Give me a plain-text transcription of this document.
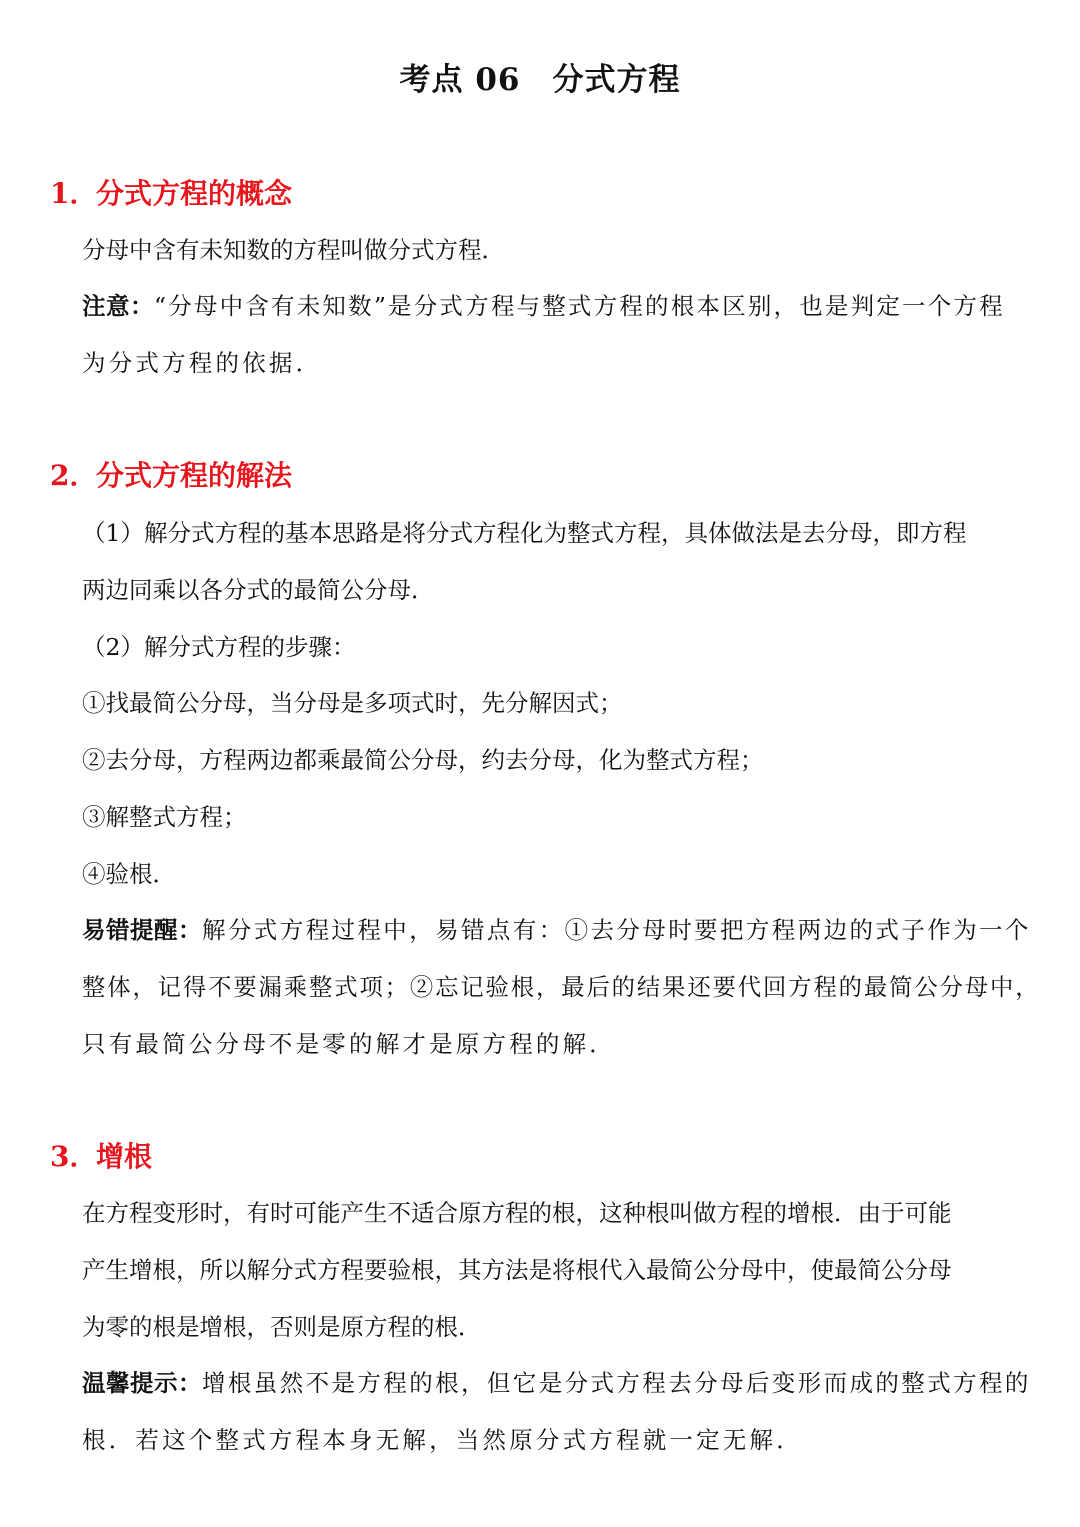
考点 06　分式方程
1．分式方程的概念
分母中含有未知数的方程叫做分式方程．
注意：“分母中含有未知数”是分式方程与整式方程的根本区别，也是判定一个方程
为分式方程的依据．
2．分式方程的解法
（1）解分式方程的基本思路是将分式方程化为整式方程，具体做法是去分母，即方程
两边同乘以各分式的最简公分母．
（2）解分式方程的步骤：
①找最简公分母，当分母是多项式时，先分解因式；
②去分母，方程两边都乘最简公分母，约去分母，化为整式方程；
③解整式方程；
④验根．
易错提醒：解分式方程过程中，易错点有：①去分母时要把方程两边的式子作为一个
整体，记得不要漏乘整式项；②忘记验根，最后的结果还要代回方程的最简公分母中，
只有最简公分母不是零的解才是原方程的解．
3．增根
在方程变形时，有时可能产生不适合原方程的根，这种根叫做方程的增根．由于可能
产生增根，所以解分式方程要验根，其方法是将根代入最简公分母中，使最简公分母
为零的根是增根，否则是原方程的根．
温馨提示：增根虽然不是方程的根，但它是分式方程去分母后变形而成的整式方程的
根．若这个整式方程本身无解，当然原分式方程就一定无解．
